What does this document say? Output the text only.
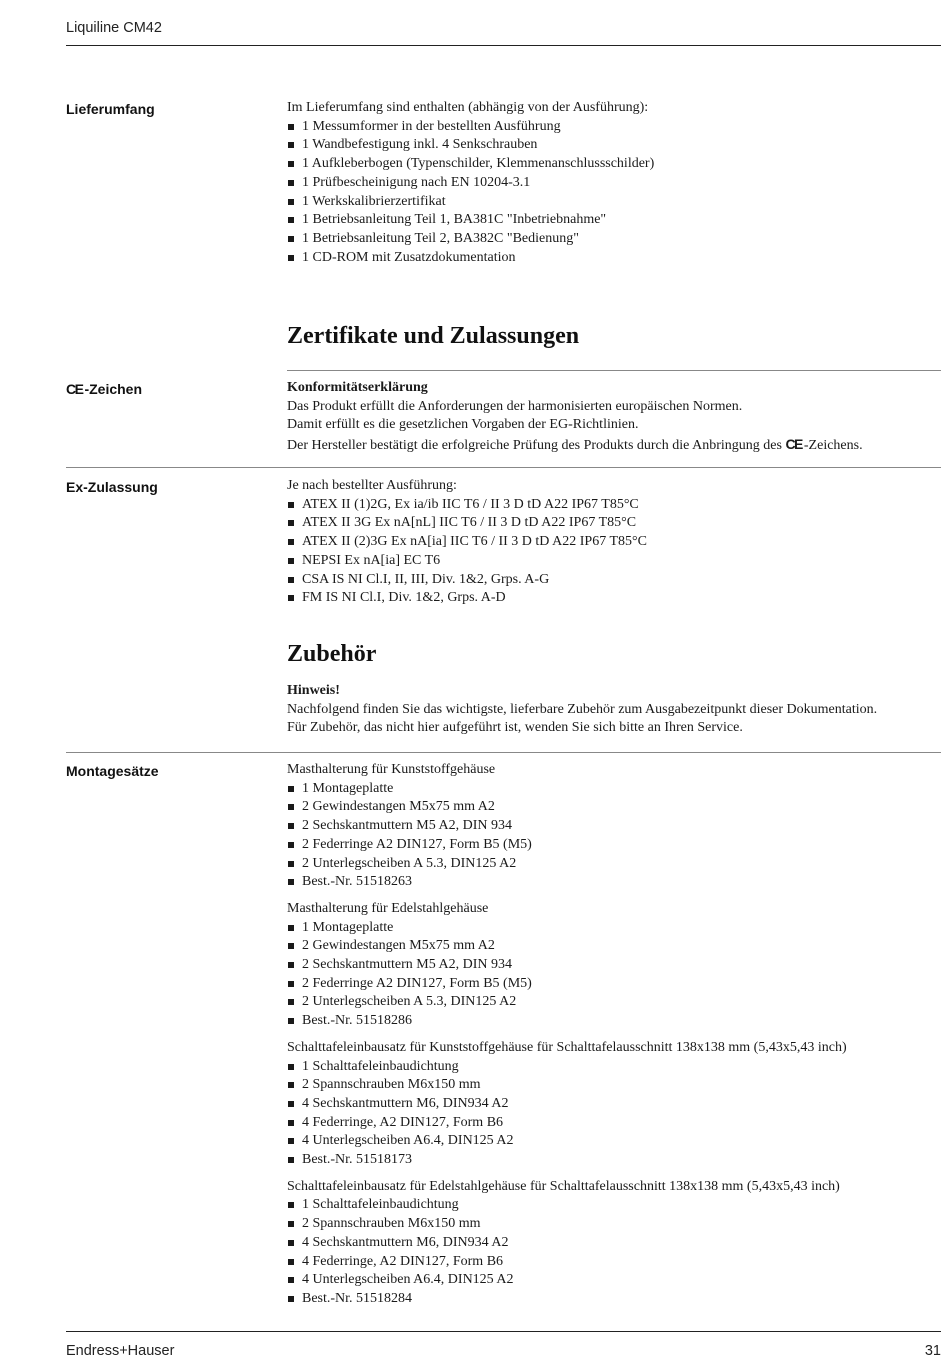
Liquiline CM42
Lieferumfang	Im Lieferumfang sind enthalten (abhängig von der Ausführung):

1 Messumformer in der bestellten Ausführung
1 Wandbefestigung inkl. 4 Senkschrauben
1 Aufkleberbogen (Typenschilder, Klemmenanschlussschilder)
1 Prüfbescheinigung nach EN 10204-3.1
1 Werkskalibrierzertifikat
1 Betriebsanleitung Teil 1, BA381C "Inbetriebnahme"
1 Betriebsanleitung Teil 2, BA382C "Bedienung"
1 CD-ROM mit Zusatzdokumentation
Zertifikate und Zulassungen
CE -Zeichen	Konformitätserklärung

Das Produkt erfüllt die Anforderungen der harmonisierten europäischen Normen.

Damit erfüllt es die gesetzlichen Vorgaben der EG-Richtlinien.

Der Hersteller bestätigt die erfolgreiche Prüfung des Produkts durch die Anbringung des CE -Zeichens.

Ex-Zulassung	Je nach bestellter Ausführung:

ATEX II (1)2G, Ex ia/ib IIC T6 / II 3 D tD A22 IP67 T85°C
ATEX II 3G Ex nA[nL] IIC T6 / II 3 D tD A22 IP67 T85°C
ATEX II (2)3G Ex nA[ia] IIC T6 / II 3 D tD A22 IP67 T85°C
NEPSI Ex nA[ia] EC T6
CSA IS NI Cl.I, II, III, Div. 1&2, Grps. A-G
FM IS NI Cl.I, Div. 1&2, Grps. A-D
Zubehör

Hinweis!

Nachfolgend finden Sie das wichtigste, lieferbare Zubehör zum Ausgabezeitpunkt dieser Dokumentation.

Für Zubehör, das nicht hier aufgeführt ist, wenden Sie sich bitte an Ihren Service.

Montagesätze	Masthalterung für Kunststoffgehäuse

1 Montageplatte
2 Gewindestangen M5x75 mm A2
2 Sechskantmuttern M5 A2, DIN 934
2 Federringe A2 DIN127, Form B5 (M5)
2 Unterlegscheiben A 5.3, DIN125 A2
Best.-Nr. 51518263

Masthalterung für Edelstahlgehäuse

1 Montageplatte
2 Gewindestangen M5x75 mm A2
2 Sechskantmuttern M5 A2, DIN 934
2 Federringe A2 DIN127, Form B5 (M5)
2 Unterlegscheiben A 5.3, DIN125 A2
Best.-Nr. 51518286

Schalttafeleinbausatz für Kunststoffgehäuse für Schalttafelausschnitt 138x138 mm (5,43x5,43 inch)

1 Schalttafeleinbaudichtung
2 Spannschrauben M6x150 mm
4 Sechskantmuttern M6, DIN934 A2
4 Federringe, A2 DIN127, Form B6
4 Unterlegscheiben A6.4, DIN125 A2
Best.-Nr. 51518173

Schalttafeleinbausatz für Edelstahlgehäuse für Schalttafelausschnitt 138x138 mm (5,43x5,43 inch)

1 Schalttafeleinbaudichtung
2 Spannschrauben M6x150 mm
4 Sechskantmuttern M6, DIN934 A2
4 Federringe, A2 DIN127, Form B6
4 Unterlegscheiben A6.4, DIN125 A2
Best.-Nr. 51518284
Endress+Hauser	31
